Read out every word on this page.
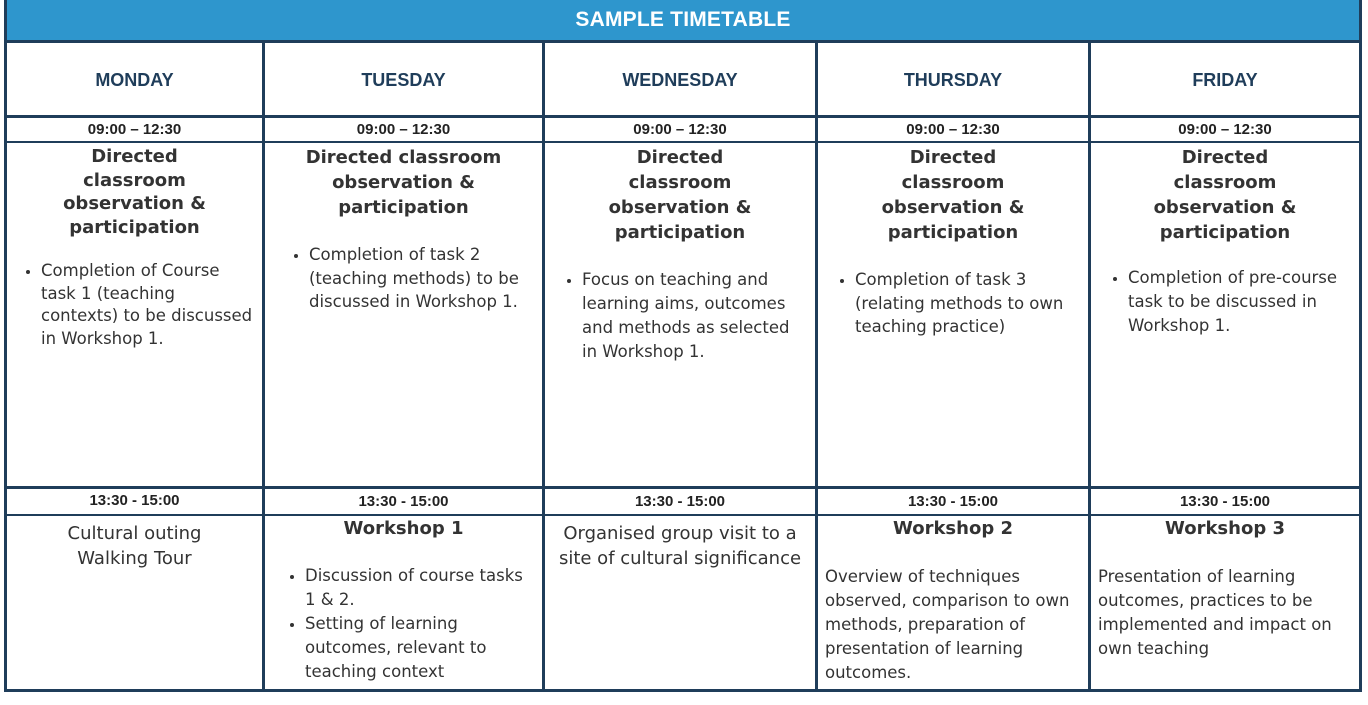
SAMPLE TIMETABLE
MONDAY
09:00 – 12:30
Directed classroom observation & participation
• Completion of Course task 1 (teaching contexts) to be discussed in Workshop 1.
13:30 - 15:00
Cultural outing Walking Tour
TUESDAY
09:00 – 12:30
Directed classroom observation & participation
• Completion of task 2 (teaching methods) to be discussed in Workshop 1.
13:30 - 15:00
Workshop 1
• Discussion of course tasks 1 & 2.
• Setting of learning outcomes, relevant to teaching context
WEDNESDAY
09:00 – 12:30
Directed classroom observation & participation
• Focus on teaching and learning aims, outcomes and methods as selected in Workshop 1.
13:30 - 15:00
Organised group visit to a site of cultural significance
THURSDAY
09:00 – 12:30
Directed classroom observation & participation
• Completion of task 3 (relating methods to own teaching practice)
13:30 - 15:00
Workshop 2
Overview of techniques observed, comparison to own methods, preparation of presentation of learning outcomes.
FRIDAY
09:00 – 12:30
Directed classroom observation & participation
• Completion of pre-course task to be discussed in Workshop 1.
13:30 - 15:00
Workshop 3
Presentation of learning outcomes, practices to be implemented and impact on own teaching
